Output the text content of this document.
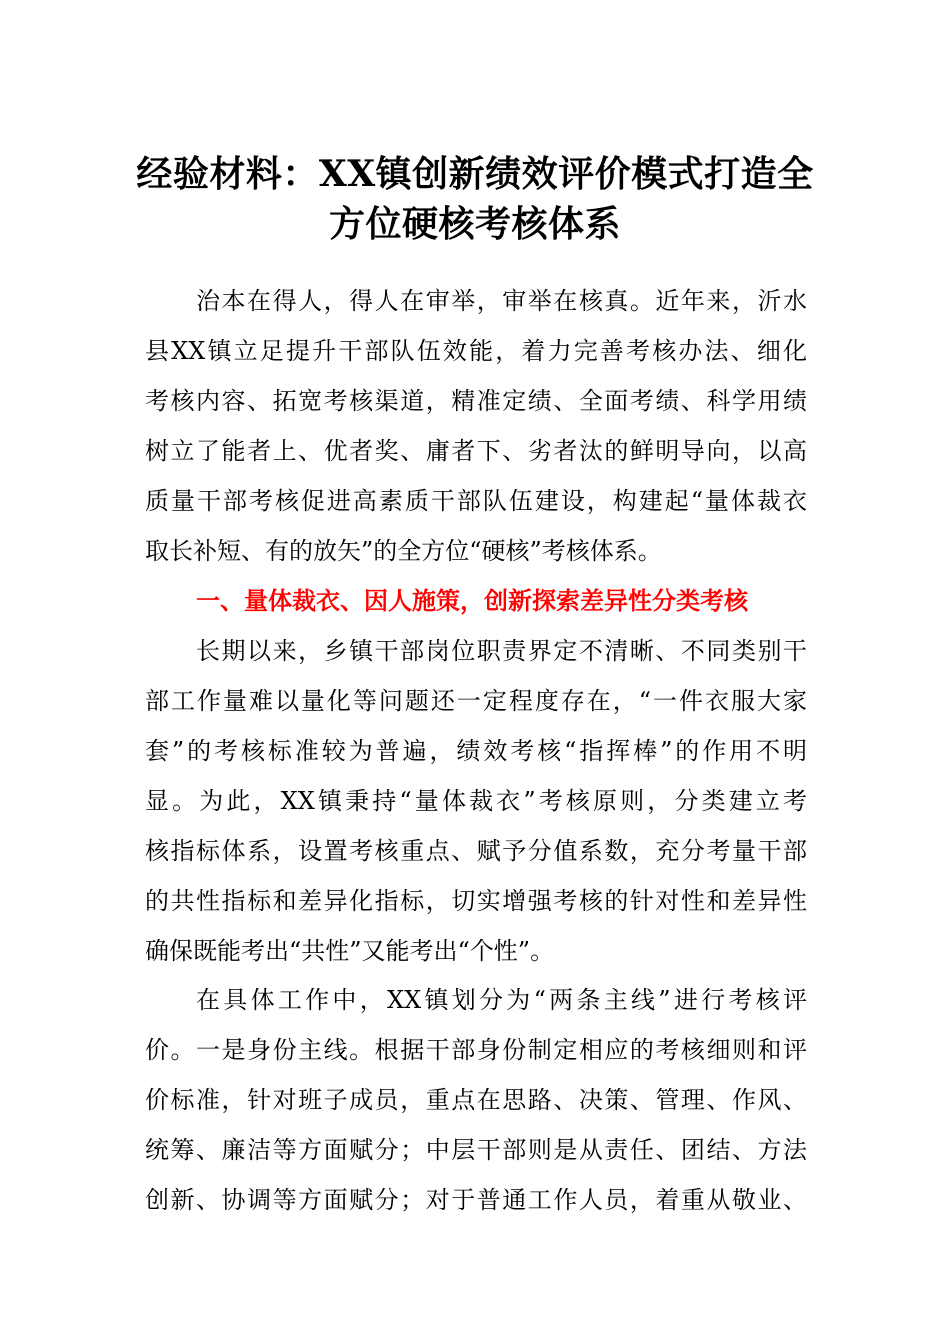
经验材料：XX镇创新绩效评价模式打造全
方位硬核考核体系
治本在得人，得人在审举，审举在核真。近年来，沂水
县XX镇立足提升干部队伍效能，着力完善考核办法、细化
考核内容、拓宽考核渠道，精准定绩、全面考绩、科学用绩
树立了能者上、优者奖、庸者下、劣者汰的鲜明导向，以高
质量干部考核促进高素质干部队伍建设，构建起“量体裁衣
取长补短、有的放矢”的全方位“硬核”考核体系。
一、量体裁衣、因人施策，创新探索差异性分类考核
长期以来，乡镇干部岗位职责界定不清晰、不同类别干
部工作量难以量化等问题还一定程度存在，“一件衣服大家
套”的考核标准较为普遍，绩效考核“指挥棒”的作用不明
显。为此，XX镇秉持“量体裁衣”考核原则，分类建立考
核指标体系，设置考核重点、赋予分值系数，充分考量干部
的共性指标和差异化指标，切实增强考核的针对性和差异性
确保既能考出“共性”又能考出“个性”。
在具体工作中，XX镇划分为“两条主线”进行考核评
价。一是身份主线。根据干部身份制定相应的考核细则和评
价标准，针对班子成员，重点在思路、决策、管理、作风、
统筹、廉洁等方面赋分；中层干部则是从责任、团结、方法
创新、协调等方面赋分；对于普通工作人员，着重从敬业、
